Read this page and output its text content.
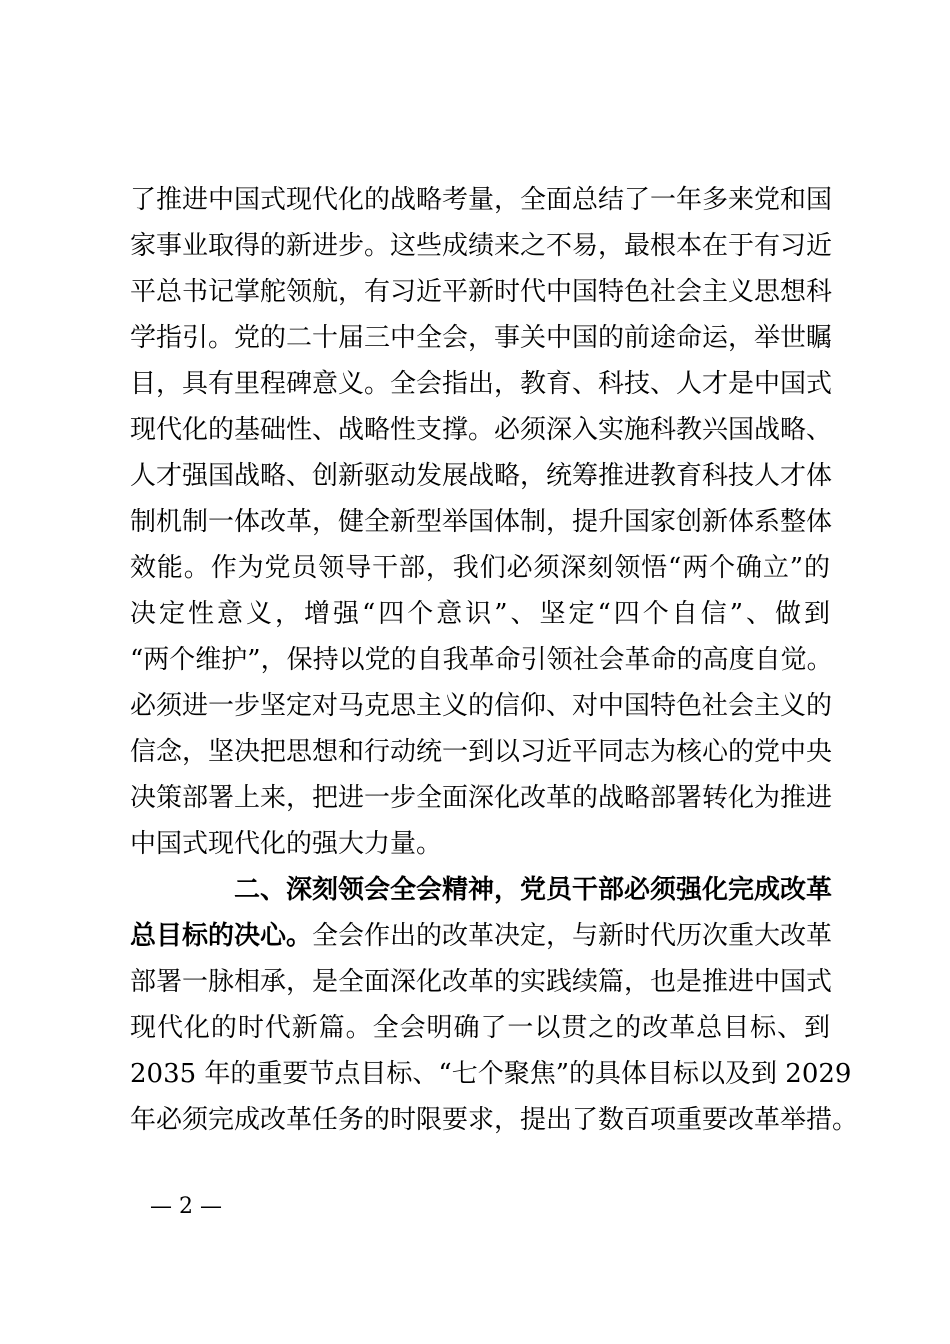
了推进中国式现代化的战略考量，全面总结了一年多来党和国
家事业取得的新进步。这些成绩来之不易，最根本在于有习近
平总书记掌舵领航，有习近平新时代中国特色社会主义思想科
学指引。党的二十届三中全会，事关中国的前途命运，举世瞩
目，具有里程碑意义。全会指出，教育、科技、人才是中国式
现代化的基础性、战略性支撑。必须深入实施科教兴国战略、
人才强国战略、创新驱动发展战略，统筹推进教育科技人才体
制机制一体改革，健全新型举国体制，提升国家创新体系整体
效能。作为党员领导干部，我们必须深刻领悟“两个确立”的
决定性意义，增强“四个意识”、坚定“四个自信”、做到
“两个维护”，保持以党的自我革命引领社会革命的高度自觉。
必须进一步坚定对马克思主义的信仰、对中国特色社会主义的
信念，坚决把思想和行动统一到以习近平同志为核心的党中央
决策部署上来，把进一步全面深化改革的战略部署转化为推进
中国式现代化的强大力量。
二、深刻领会全会精神，党员干部必须强化完成改革
总目标的决心。全会作出的改革决定，与新时代历次重大改革
部署一脉相承，是全面深化改革的实践续篇，也是推进中国式
现代化的时代新篇。全会明确了一以贯之的改革总目标、到
2035 年的重要节点目标、“七个聚焦”的具体目标以及到 2029
年必须完成改革任务的时限要求，提出了数百项重要改革举措。
— 2 —
